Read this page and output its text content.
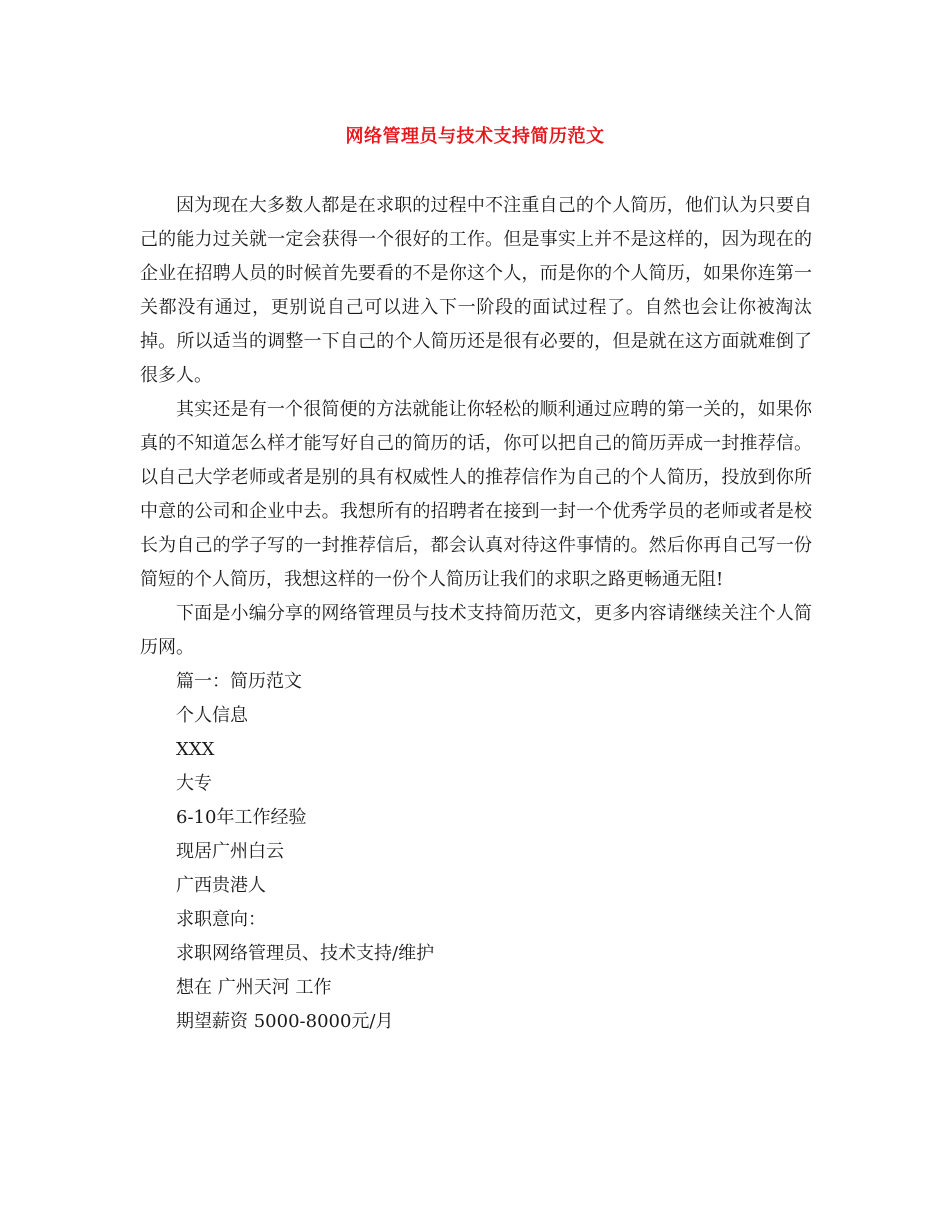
网络管理员与技术支持简历范文

因为现在大多数人都是在求职的过程中不注重自己的个人简历，他们认为只要自己的能力过关就一定会获得一个很好的工作。但是事实上并不是这样的，因为现在的企业在招聘人员的时候首先要看的不是你这个人，而是你的个人简历，如果你连第一关都没有通过，更别说自己可以进入下一阶段的面试过程了。自然也会让你被淘汰掉。所以适当的调整一下自己的个人简历还是很有必要的，但是就在这方面就难倒了很多人。

其实还是有一个很简便的方法就能让你轻松的顺利通过应聘的第一关的，如果你真的不知道怎么样才能写好自己的简历的话，你可以把自己的简历弄成一封推荐信。以自己大学老师或者是别的具有权威性人的推荐信作为自己的个人简历，投放到你所中意的公司和企业中去。我想所有的招聘者在接到一封一个优秀学员的老师或者是校长为自己的学子写的一封推荐信后，都会认真对待这件事情的。然后你再自己写一份简短的个人简历，我想这样的一份个人简历让我们的求职之路更畅通无阻!

下面是小编分享的网络管理员与技术支持简历范文，更多内容请继续关注个人简历网。

篇一：简历范文

个人信息

XXX

大专

6-10年工作经验

现居广州白云

广西贵港人

求职意向：

求职网络管理员、技术支持/维护

想在 广州天河 工作

期望薪资 5000-8000元/月
